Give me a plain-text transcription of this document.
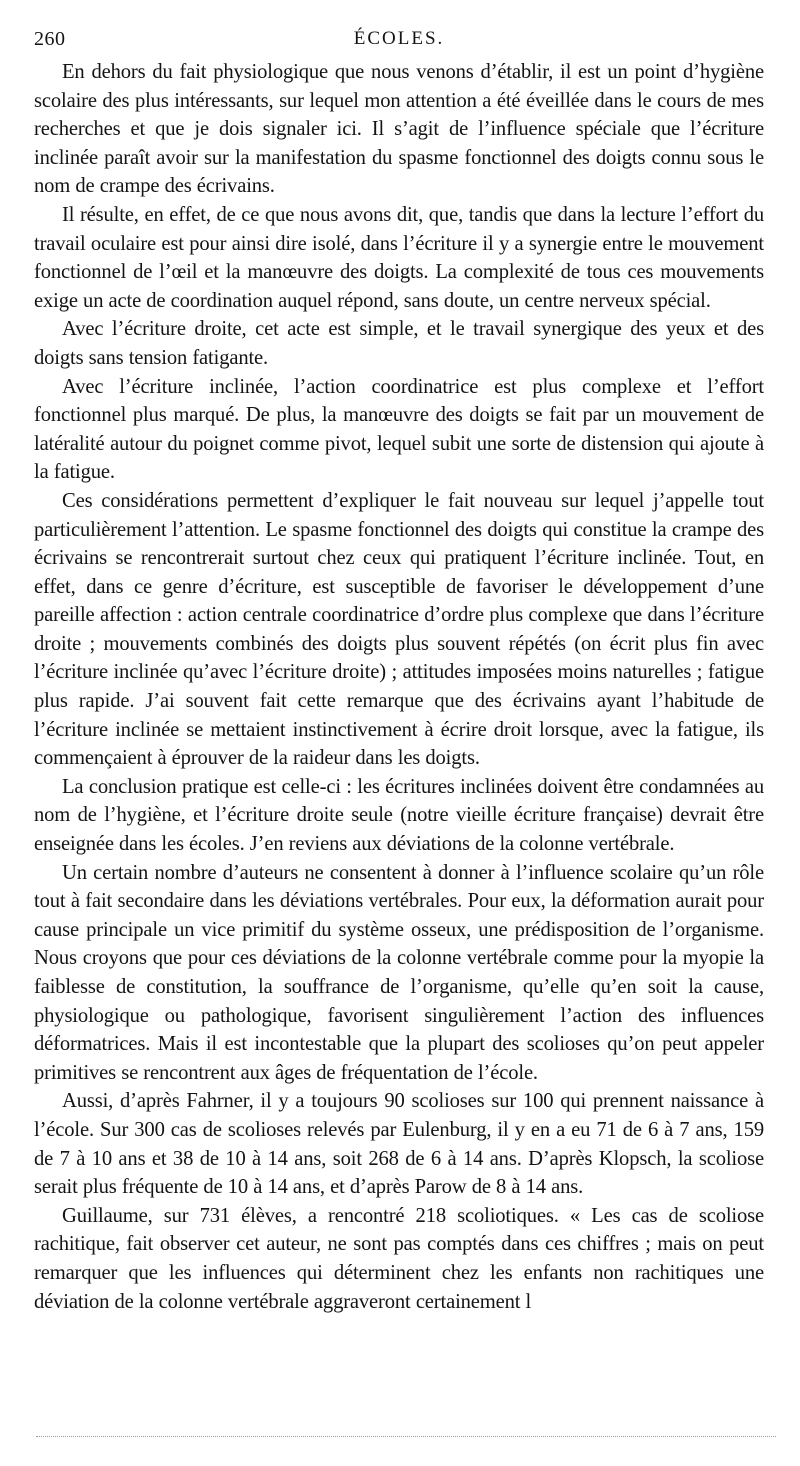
260	ÉCOLES.

En dehors du fait physiologique que nous venons d’établir, il est un point d’hygiène scolaire des plus intéressants, sur lequel mon attention a été éveillée dans le cours de mes recherches et que je dois signaler ici. Il s’agit de l’influence spéciale que l’écriture inclinée paraît avoir sur la manifestation du spasme fonctionnel des doigts connu sous le nom de crampe des écrivains.

Il résulte, en effet, de ce que nous avons dit, que, tandis que dans la lecture l’effort du travail oculaire est pour ainsi dire isolé, dans l’écriture il y a synergie entre le mouvement fonctionnel de l’œil et la manœuvre des doigts. La complexité de tous ces mouvements exige un acte de coordination auquel répond, sans doute, un centre nerveux spécial.

Avec l’écriture droite, cet acte est simple, et le travail synergique des yeux et des doigts sans tension fatigante.

Avec l’écriture inclinée, l’action coordinatrice est plus complexe et l’effort fonctionnel plus marqué. De plus, la manœuvre des doigts se fait par un mouvement de latéralité autour du poignet comme pivot, lequel subit une sorte de distension qui ajoute à la fatigue.

Ces considérations permettent d’expliquer le fait nouveau sur lequel j’appelle tout particulièrement l’attention. Le spasme fonctionnel des doigts qui constitue la crampe des écrivains se rencontrerait surtout chez ceux qui pratiquent l’écriture inclinée. Tout, en effet, dans ce genre d’écriture, est susceptible de favoriser le développement d’une pareille affection : action centrale coordinatrice d’ordre plus complexe que dans l’écriture droite ; mouvements combinés des doigts plus souvent répétés (on écrit plus fin avec l’écriture inclinée qu’avec l’écriture droite) ; attitudes imposées moins naturelles ; fatigue plus rapide. J’ai souvent fait cette remarque que des écrivains ayant l’habitude de l’écriture inclinée se mettaient instinctivement à écrire droit lorsque, avec la fatigue, ils commençaient à éprouver de la raideur dans les doigts.

La conclusion pratique est celle-ci : les écritures inclinées doivent être condamnées au nom de l’hygiène, et l’écriture droite seule (notre vieille écriture française) devrait être enseignée dans les écoles. J’en reviens aux déviations de la colonne vertébrale.

Un certain nombre d’auteurs ne consentent à donner à l’influence scolaire qu’un rôle tout à fait secondaire dans les déviations vertébrales. Pour eux, la déformation aurait pour cause principale un vice primitif du système osseux, une prédisposition de l’organisme. Nous croyons que pour ces déviations de la colonne vertébrale comme pour la myopie la faiblesse de constitution, la souffrance de l’organisme, qu’elle qu’en soit la cause, physiologique ou pathologique, favorisent singulièrement l’action des influences déformatrices. Mais il est incontestable que la plupart des scolioses qu’on peut appeler primitives se rencontrent aux âges de fréquentation de l’école.

Aussi, d’après Fahrner, il y a toujours 90 scolioses sur 100 qui prennent naissance à l’école. Sur 300 cas de scolioses relevés par Eulenburg, il y en a eu 71 de 6 à 7 ans, 159 de 7 à 10 ans et 38 de 10 à 14 ans, soit 268 de 6 à 14 ans. D’après Klopsch, la scoliose serait plus fréquente de 10 à 14 ans, et d’après Parow de 8 à 14 ans.

Guillaume, sur 731 élèves, a rencontré 218 scoliotiques. « Les cas de scoliose rachitique, fait observer cet auteur, ne sont pas comptés dans ces chiffres ; mais on peut remarquer que les influences qui déterminent chez les enfants non rachitiques une déviation de la colonne vertébrale aggraveront certainement l
